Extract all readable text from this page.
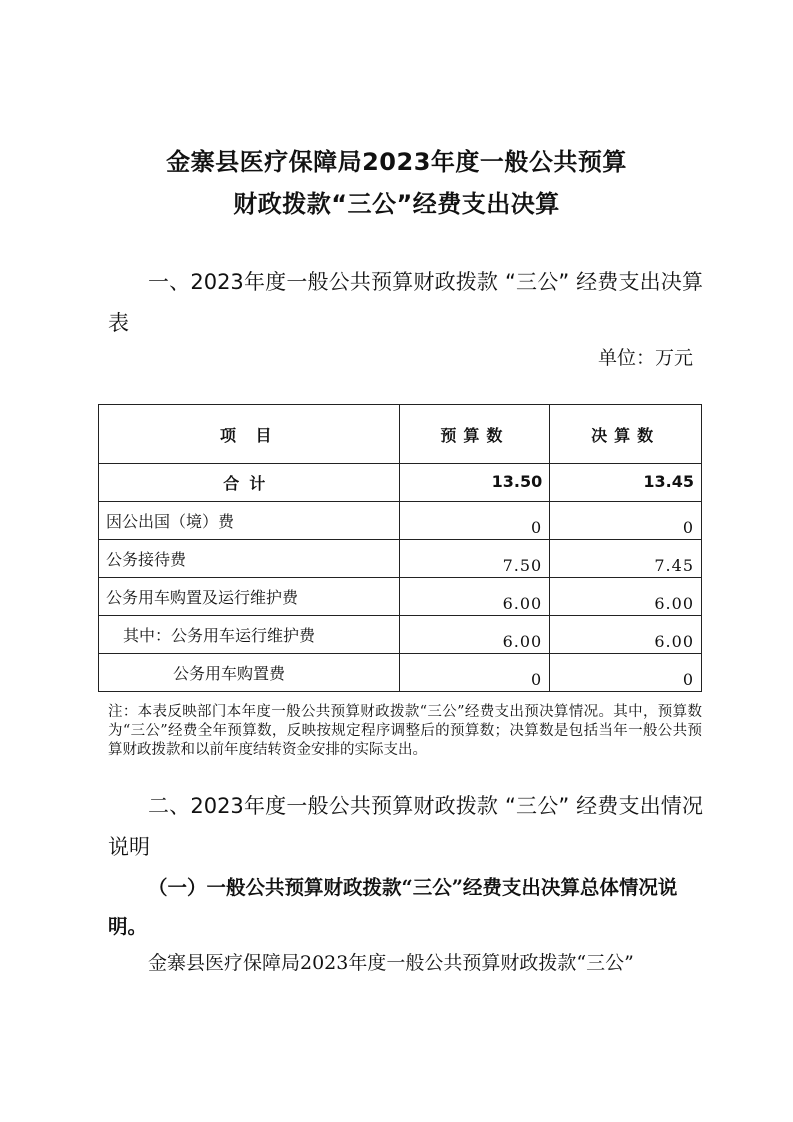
金寨县医疗保障局2023年度一般公共预算
财政拨款“三公”经费支出决算
一、2023年度一般公共预算财政拨款 “三公” 经费支出决算表
单位：万元
项 目	预算数	决算数
合计	13.50	13.45
因公出国（境）费	0	0
公务接待费	7.50	7.45
公务用车购置及运行维护费	6.00	6.00
其中：公务用车运行维护费	6.00	6.00
公务用车购置费	0	0
注：本表反映部门本年度一般公共预算财政拨款“三公”经费支出预决算情况。其中，预算数为“三公”经费全年预算数，反映按规定程序调整后的预算数；决算数是包括当年一般公共预算财政拨款和以前年度结转资金安排的实际支出。
二、2023年度一般公共预算财政拨款 “三公” 经费支出情况说明
（一）一般公共预算财政拨款“三公”经费支出决算总体情况说明。
金寨县医疗保障局2023年度一般公共预算财政拨款“三公”
